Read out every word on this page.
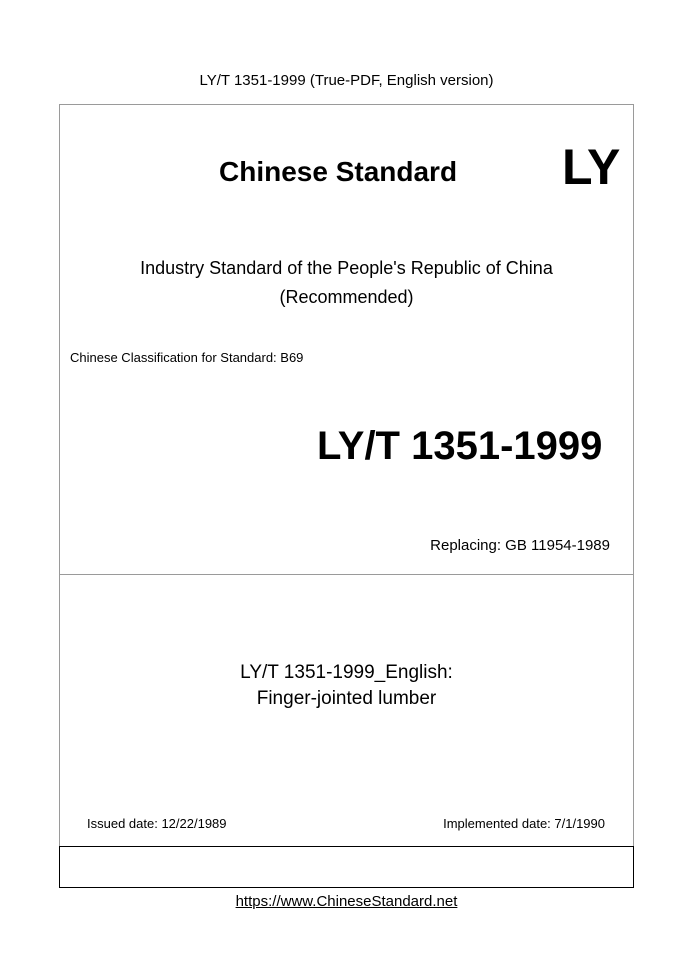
LY/T 1351-1999 (True-PDF, English version)
Chinese Standard LY
Industry Standard of the People's Republic of China
(Recommended)
Chinese Classification for Standard: B69
LY/T 1351-1999
Replacing: GB 11954-1989
LY/T 1351-1999_English:
Finger-jointed lumber
Issued date: 12/22/1989	Implemented date: 7/1/1990
https://www.ChineseStandard.net
